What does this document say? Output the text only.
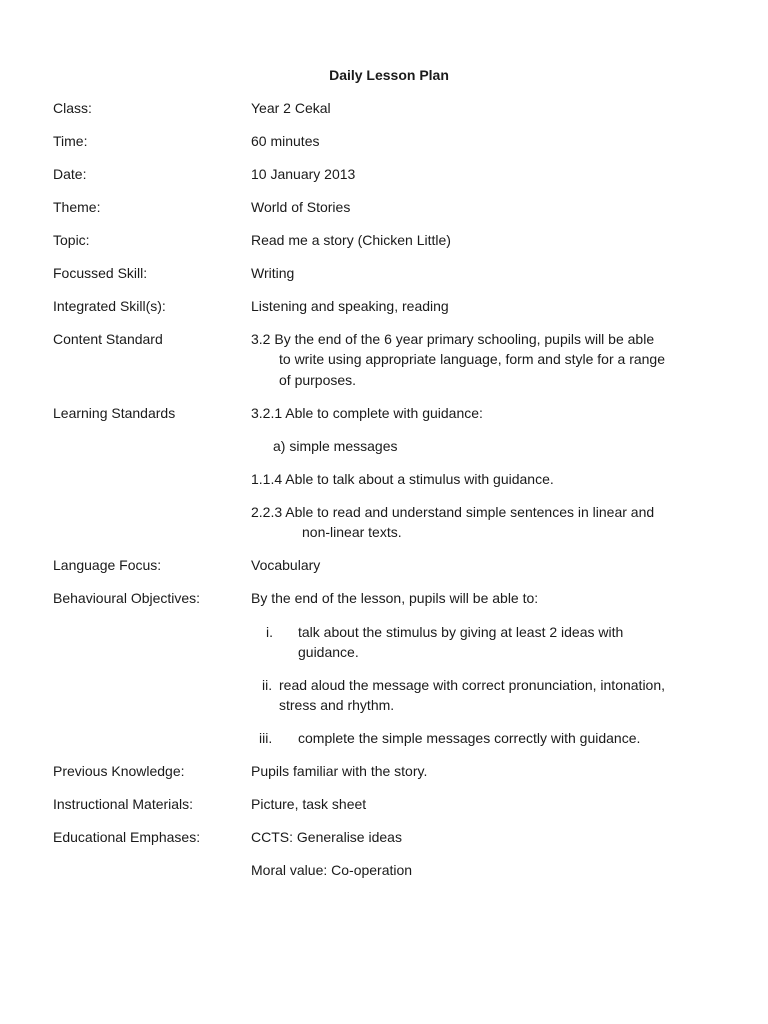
Daily Lesson Plan
Class:	Year 2 Cekal
Time:	60 minutes
Date:	10 January 2013
Theme:	World of Stories
Topic:	Read me a story (Chicken Little)
Focussed Skill:	Writing
Integrated Skill(s):	Listening and speaking, reading
Content Standard	3.2 By the end of the 6 year primary schooling, pupils will be able
to write using appropriate language, form and style for a range
of purposes.
Learning Standards	3.2.1 Able to complete with guidance:
a) simple messages
1.1.4 Able to talk about a stimulus with guidance.
2.2.3 Able to read and understand simple sentences in linear and
non-linear texts.
Language Focus:	Vocabulary
Behavioural Objectives:	By the end of the lesson, pupils will be able to:
i. talk about the stimulus by giving at least 2 ideas with
guidance.
ii. read aloud the message with correct pronunciation, intonation,
stress and rhythm.
iii. complete the simple messages correctly with guidance.
Previous Knowledge:	Pupils familiar with the story.
Instructional Materials:	Picture, task sheet
Educational Emphases:	CCTS: Generalise ideas
Moral value: Co-operation
